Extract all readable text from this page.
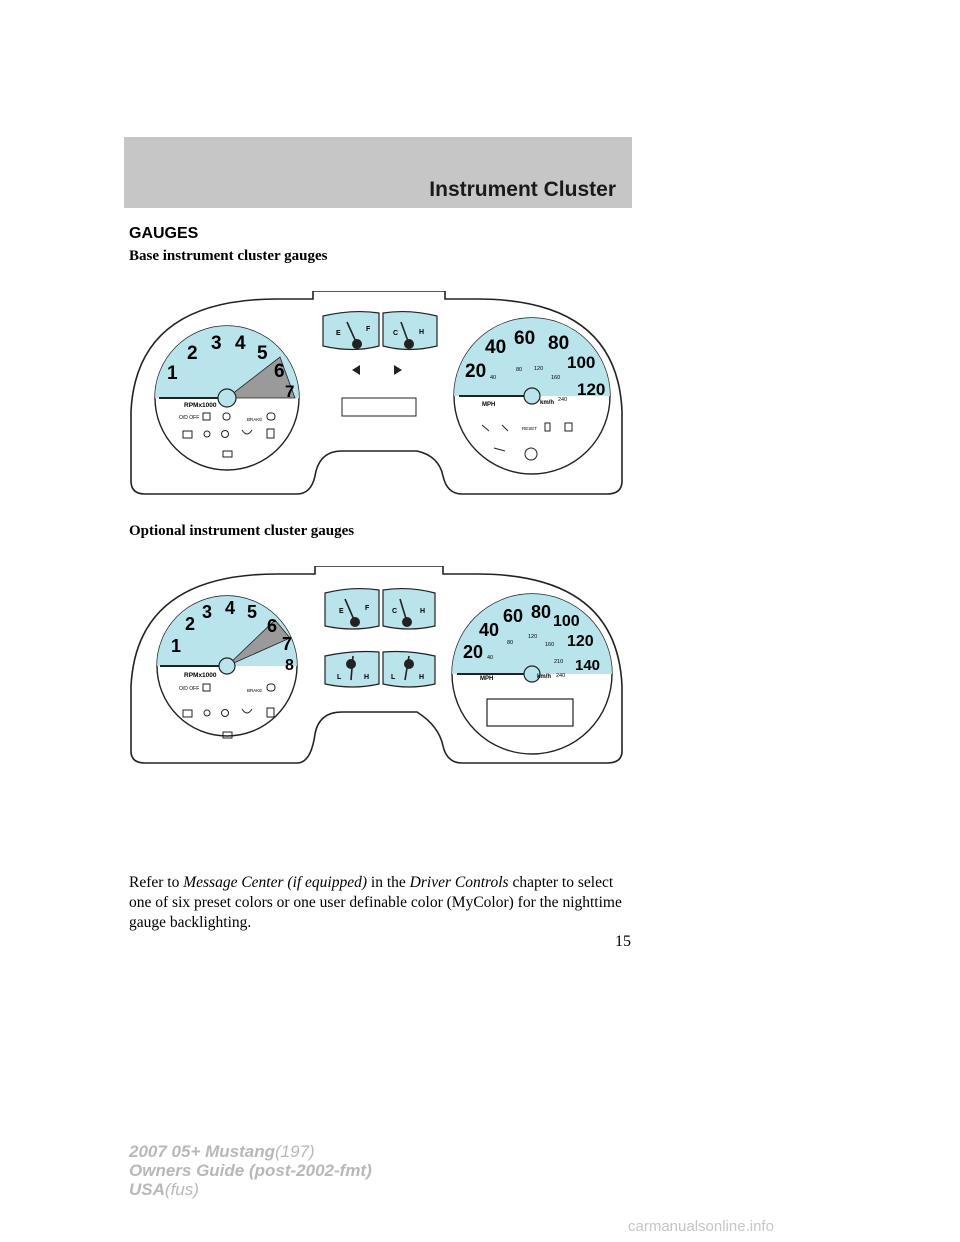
Instrument Cluster
GAUGES
Base instrument cluster gauges
1
2 3 4 5
6
7
RPMx1000
O/D OFF	BRAKE
E
F
C	H
20
40 60 80
100
120
40
80 120
160
240
MPH	km/h
RESET
Optional instrument cluster gauges
1
2
3 4 5
6
7
8
RPMx1000
O/D OFF	BRAKE
E	F	C	H
L	H	L	H
20
40
60 80 100
120
140
40
80
120
160
210
240
MPH	km/h
Refer to Message Center (if equipped) in the Driver Controls chapter to select one of six preset colors or one user definable color (MyColor) for the nighttime gauge backlighting.
15
2007 05+ Mustang(197)
Owners Guide (post-2002-fmt)
USA(fus)
carmanualsonline.info
